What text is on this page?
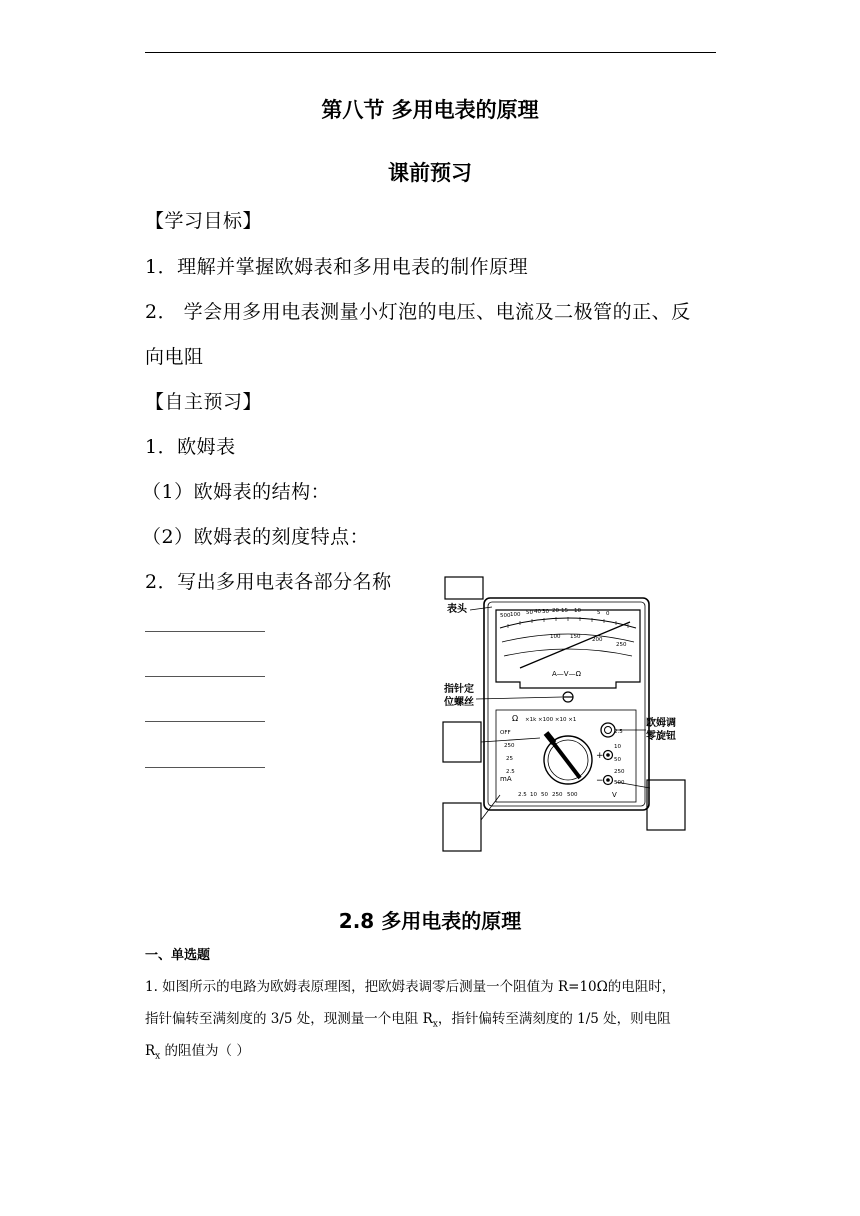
第八节 多用电表的原理
课前预习
【学习目标】
1．理解并掌握欧姆表和多用电表的制作原理
2． 学会用多用电表测量小灯泡的电压、电流及二极管的正、反
向电阻
【自主预习】
1．欧姆表
（1）欧姆表的结构：
（2）欧姆表的刻度特点：
2．写出多用电表各部分名称
500 100 50 40 30 20 15 10	5 0
100 150 200
250
A—V—Ω
×1k ×100 ×10 ×1
OFF
250
25
2.5
2.5
10
50
250
500
2.5 10 50 250 500
mA
V
Ω
+
−
表头
指针定
位螺丝
欧姆调
零旋钮
2.8 多用电表的原理
一、单选题
1. 如图所示的电路为欧姆表原理图，把欧姆表调零后测量一个阻值为 R=10Ω的电阻时，
指针偏转至满刻度的 3/5 处，现测量一个电阻 $R_x$，指针偏转至满刻度的 1/5 处，则电阻
$R_x$ 的阻值为（ ）
